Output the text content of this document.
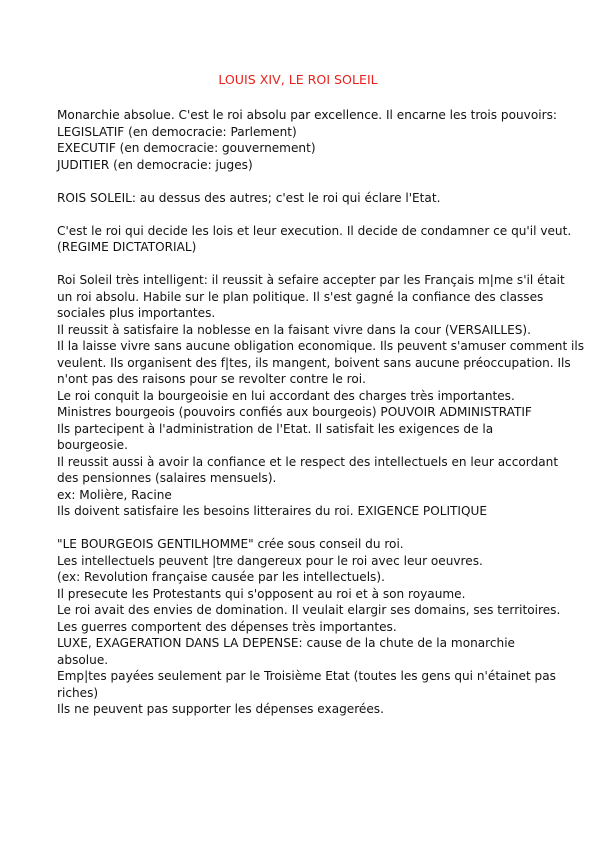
LOUIS XIV, LE ROI SOLEIL

Monarchie absolue. C'est le roi absolu par excellence. Il encarne les trois pouvoirs:
LEGISLATIF (en democracie: Parlement)
EXECUTIF (en democracie: gouvernement)
JUDITIER (en democracie: juges)

ROIS SOLEIL: au dessus des autres; c'est le roi qui éclare l'Etat.

C'est le roi qui decide les lois et leur execution. Il decide de condamner ce qu'il veut.
(REGIME DICTATORIAL)

Roi Soleil très intelligent: il reussit à sefaire accepter par les Français m|me s'il était
un roi absolu. Habile sur le plan politique. Il s'est gagné la confiance des classes
sociales plus importantes.
Il reussit à satisfaire la noblesse en la faisant vivre dans la cour (VERSAILLES).
Il la laisse vivre sans aucune obligation economique. Ils peuvent s'amuser comment ils
veulent. Ils organisent des f|tes, ils mangent, boivent sans aucune préoccupation. Ils
n'ont pas des raisons pour se revolter contre le roi.
Le roi conquit la bourgeoisie en lui accordant des charges très importantes.
Ministres bourgeois (pouvoirs confiés aux bourgeois) POUVOIR ADMINISTRATIF
Ils partecipent à l'administration de l'Etat. Il satisfait les exigences de la
bourgeosie.
Il reussit aussi à avoir la confiance et le respect des intellectuels en leur accordant
des pensionnes (salaires mensuels).
ex: Molière, Racine
Ils doivent satisfaire les besoins litteraires du roi. EXIGENCE POLITIQUE

"LE BOURGEOIS GENTILHOMME" crée sous conseil du roi.
Les intellectuels peuvent |tre dangereux pour le roi avec leur oeuvres.
(ex: Revolution française causée par les intellectuels).
Il presecute les Protestants qui s'opposent au roi et à son royaume.
Le roi avait des envies de domination. Il veulait elargir ses domains, ses territoires.
Les guerres comportent des dépenses très importantes.
LUXE, EXAGERATION DANS LA DEPENSE: cause de la chute de la monarchie
absolue.
Emp|tes payées seulement par le Troisième Etat (toutes les gens qui n'étainet pas
riches)
Ils ne peuvent pas supporter les dépenses exagerées.
